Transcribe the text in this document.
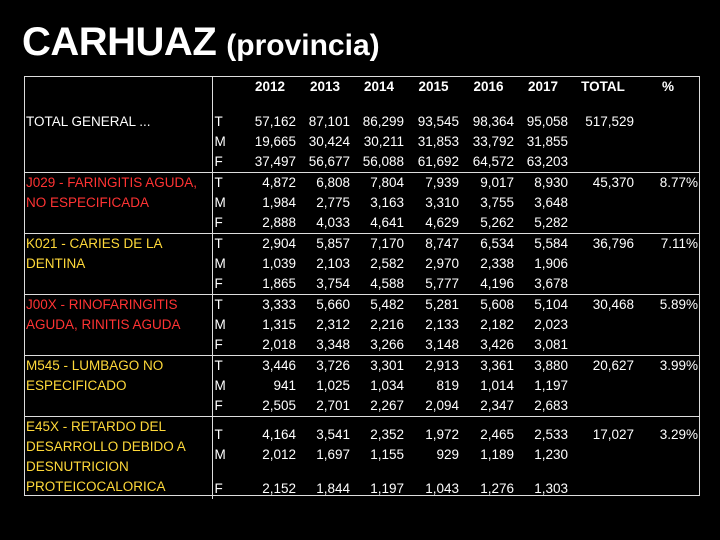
CARHUAZ (provincia)
		2012	2013	2014	2015	2016	2017	TOTAL	%
TOTAL GENERAL ...	T	57,162	87,101	86,299	93,545	98,364	95,058	517,529	
	M	19,665	30,424	30,211	31,853	33,792	31,855		
	F	37,497	56,677	56,088	61,692	64,572	63,203		
J029 - FARINGITIS AGUDA, NO ESPECIFICADA	T	4,872	6,808	7,804	7,939	9,017	8,930	45,370	8.77%
	M	1,984	2,775	3,163	3,310	3,755	3,648		
	F	2,888	4,033	4,641	4,629	5,262	5,282		
K021 - CARIES DE LA DENTINA	T	2,904	5,857	7,170	8,747	6,534	5,584	36,796	7.11%
	M	1,039	2,103	2,582	2,970	2,338	1,906		
	F	1,865	3,754	4,588	5,777	4,196	3,678		
J00X - RINOFARINGITIS AGUDA, RINITIS AGUDA	T	3,333	5,660	5,482	5,281	5,608	5,104	30,468	5.89%
	M	1,315	2,312	2,216	2,133	2,182	2,023		
	F	2,018	3,348	3,266	3,148	3,426	3,081		
M545 - LUMBAGO NO ESPECIFICADO	T	3,446	3,726	3,301	2,913	3,361	3,880	20,627	3.99%
	M	941	1,025	1,034	819	1,014	1,197		
	F	2,505	2,701	2,267	2,094	2,347	2,683		
E45X - RETARDO DEL DESARROLLO DEBIDO A DESNUTRICION PROTEICOCALORICA	T	4,164	3,541	2,352	1,972	2,465	2,533	17,027	3.29%
	M	2,012	1,697	1,155	929	1,189	1,230		
	F	2,152	1,844	1,197	1,043	1,276	1,303		
